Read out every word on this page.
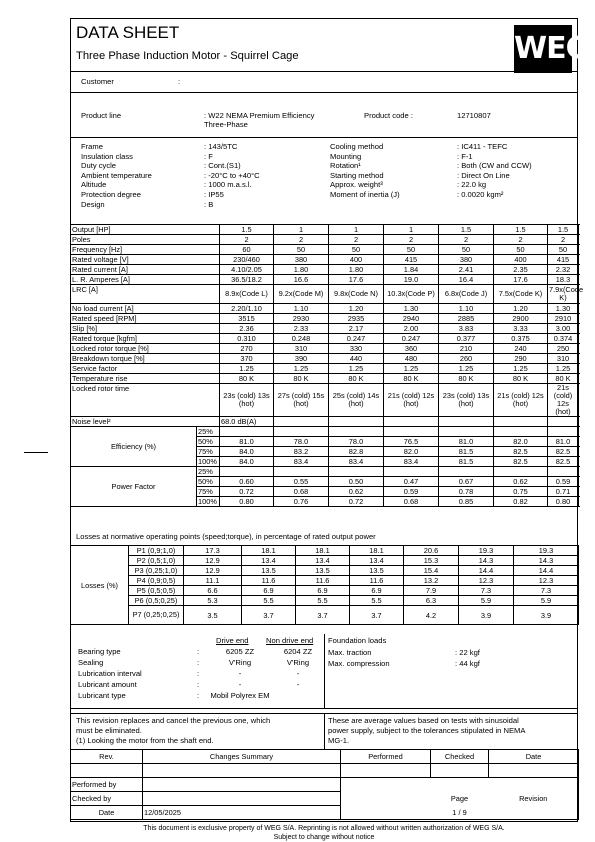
DATA SHEET
Three Phase Induction Motor - Squirrel Cage	WEG
Customer	:
Product line	: W22 NEMA Premium Efficiency
Three-Phase
Product code :	12710807
Frame	: 143/5TC
Insulation class	: F
Duty cycle	: Cont.(S1)
Ambient temperature	: -20°C to +40°C
Altitude	: 1000 m.a.s.l.
Protection degree	: IP55
Design	: B
Cooling method	: IC411 - TEFC
Mounting	: F-1
Rotation¹	: Both (CW and CCW)
Starting method	: Direct On Line
Approx. weight³	: 22.0 kg
Moment of inertia (J)	: 0.0020 kgm²
Output [HP]		1.5	1	1	1	1.5	1.5	1.5
Poles		2	2	2	2	2	2	2
Frequency [Hz]		60	50	50	50	50	50	50
Rated voltage [V]		230/460	380	400	415	380	400	415
Rated current [A]		4.10/2.05	1.80	1.80	1.84	2.41	2.35	2.32
L. R. Amperes [A]		36.5/18.2	16.6	17.6	19.0	16.4	17.6	18.3
LRC [A]		8.9x(Code L)	9.2x(Code M)	9.8x(Code N)	10.3x(Code P)	6.8x(Code J)	7.5x(Code K)	7.9x(Code K)
No load current [A]		2.20/1.10	1.10	1.20	1.30	1.10	1.20	1.30
Rated speed [RPM]		3515	2930	2935	2940	2885	2900	2910
Slip [%]		2.36	2.33	2.17	2.00	3.83	3.33	3.00
Rated torque [kgfm]		0.310	0.248	0.247	0.247	0.377	0.375	0.374
Locked rotor torque [%]		270	310	330	360	210	240	250
Breakdown torque [%]		370	390	440	480	260	290	310
Service factor		1.25	1.25	1.25	1.25	1.25	1.25	1.25
Temperature rise		80 K	80 K	80 K	80 K	80 K	80 K	80 K
Locked rotor time		23s (cold) 13s (hot)	27s (cold) 15s (hot)	25s (cold) 14s (hot)	21s (cold) 12s (hot)	23s (cold) 13s (hot)	21s (cold) 12s (hot)	21s (cold) 12s (hot)
Noise level²		68.0 dB(A)						
Efficiency (%)	25%							
	50%	81.0	78.0	78.0	76.5	81.0	82.0	81.0
	75%	84.0	83.2	82.8	82.0	81.5	82.5	82.5
	100%	84.0	83.4	83.4	83.4	81.5	82.5	82.5
Power Factor	25%							
	50%	0.60	0.55	0.50	0.47	0.67	0.62	0.59
	75%	0.72	0.68	0.62	0.59	0.78	0.75	0.71
	100%	0.80	0.76	0.72	0.68	0.85	0.82	0.80
Losses at normative operating points (speed;torque), in percentage of rated output power
Losses (%)	P1 (0,9;1,0)	17.3	18.1	18.1	18.1	20.6	19.3	19.3
	P2 (0,5;1,0)	12.9	13.4	13.4	13.4	15.3	14.3	14.3
	P3 (0,25;1,0)	12.9	13.5	13.5	13.5	15.4	14.4	14.4
	P4 (0,9;0,5)	11.1	11.6	11.6	11.6	13.2	12.3	12.3
	P5 (0,5;0,5)	6.6	6.9	6.9	6.9	7.9	7.3	7.3
	P6 (0,5;0,25)	5.3	5.5	5.5	5.5	6.3	5.9	5.9
	P7 (0,25;0,25)	3.5	3.7	3.7	3.7	4.2	3.9	3.9
Drive end Non drive end
Bearing type	:	6205 ZZ	6204 ZZ
Sealing	:	V'Ring	V'Ring
Lubrication interval	:	-	-
Lubricant amount	:	-	-
Lubricant type	:	Mobil Polyrex EM
Foundation loads
Max. traction	: 22 kgf
Max. compression	: 44 kgf
This revision replaces and cancel the previous one, which
must be eliminated.
(1) Looking the motor from the shaft end.
These are average values based on tests with sinusoidal
power supply, subject to the tolerances stipulated in NEMA
MG-1.
Rev.	Changes Summary	Performed	Checked	Date

Performed by				
Checked by			Page	Revision
Date	12/05/2025		1 / 9	
This document is exclusive property of WEG S/A. Reprinting is not allowed without written authorization of WEG S/A.
Subject to change without notice
